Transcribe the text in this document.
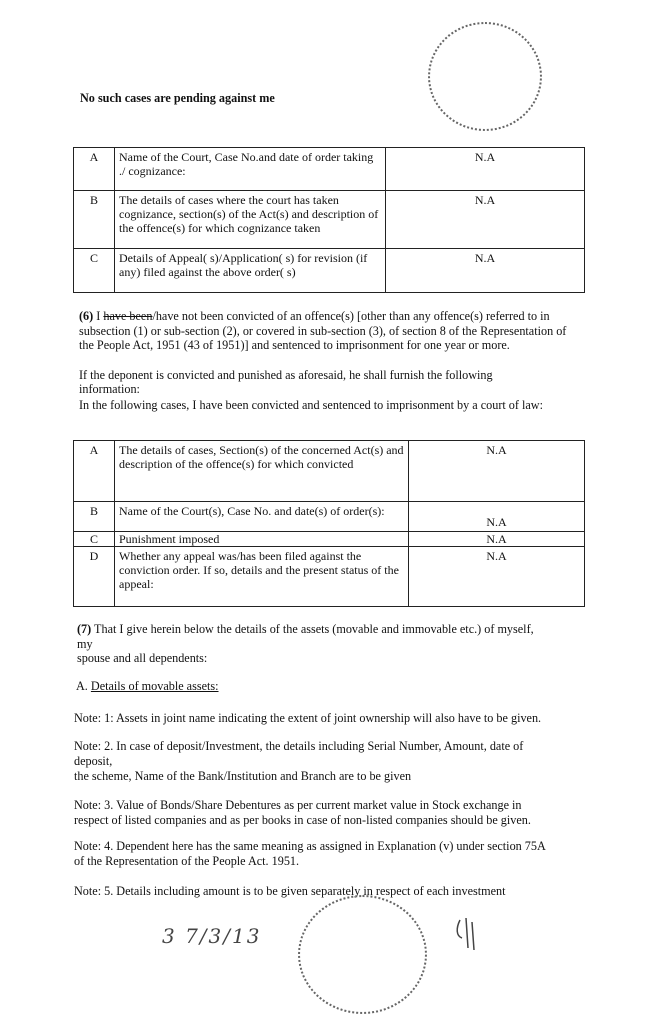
No such cases are pending against me
A	Name of the Court, Case No.and date of order taking ./ cognizance:	N.A
B	The details of cases where the court has taken cognizance, section(s) of the Act(s) and description of the offence(s) for which cognizance taken	N.A
C	Details of Appeal( s)/Application( s) for revision (if any) filed against the above order( s)	N.A
(6) I have been/have not been convicted of an offence(s) [other than any offence(s) referred to in subsection (1) or sub-section (2), or covered in sub-section (3), of section 8 of the Representation of the People Act, 1951 (43 of 1951)] and sentenced to imprisonment for one year or more.
If the deponent is convicted and punished as aforesaid, he shall furnish the following
information:
In the following cases, I have been convicted and sentenced to imprisonment by a court of law:
A	The details of cases, Section(s) of the concerned Act(s) and description of the offence(s) for which convicted	N.A
B	Name of the Court(s), Case No. and date(s) of order(s):	N.A
C	Punishment imposed	N.A
D	Whether any appeal was/has been filed against the conviction order. If so, details and the present status of the appeal:	N.A
(7) That I give herein below the details of the assets (movable and immovable etc.) of myself,
my
spouse and all dependents:
A. Details of movable assets:
Note: 1: Assets in joint name indicating the extent of joint ownership will also have to be given.
Note: 2. In case of deposit/Investment, the details including Serial Number, Amount, date of
deposit,
the scheme, Name of the Bank/Institution and Branch are to be given
Note: 3. Value of Bonds/Share Debentures as per current market value in Stock exchange in
respect of listed companies and as per books in case of non-listed companies should be given.
Note: 4. Dependent here has the same meaning as assigned in Explanation (v) under section 75A
of the Representation of the People Act. 1951.
Note: 5. Details including amount is to be given separately in respect of each investment
3 7/3/13
